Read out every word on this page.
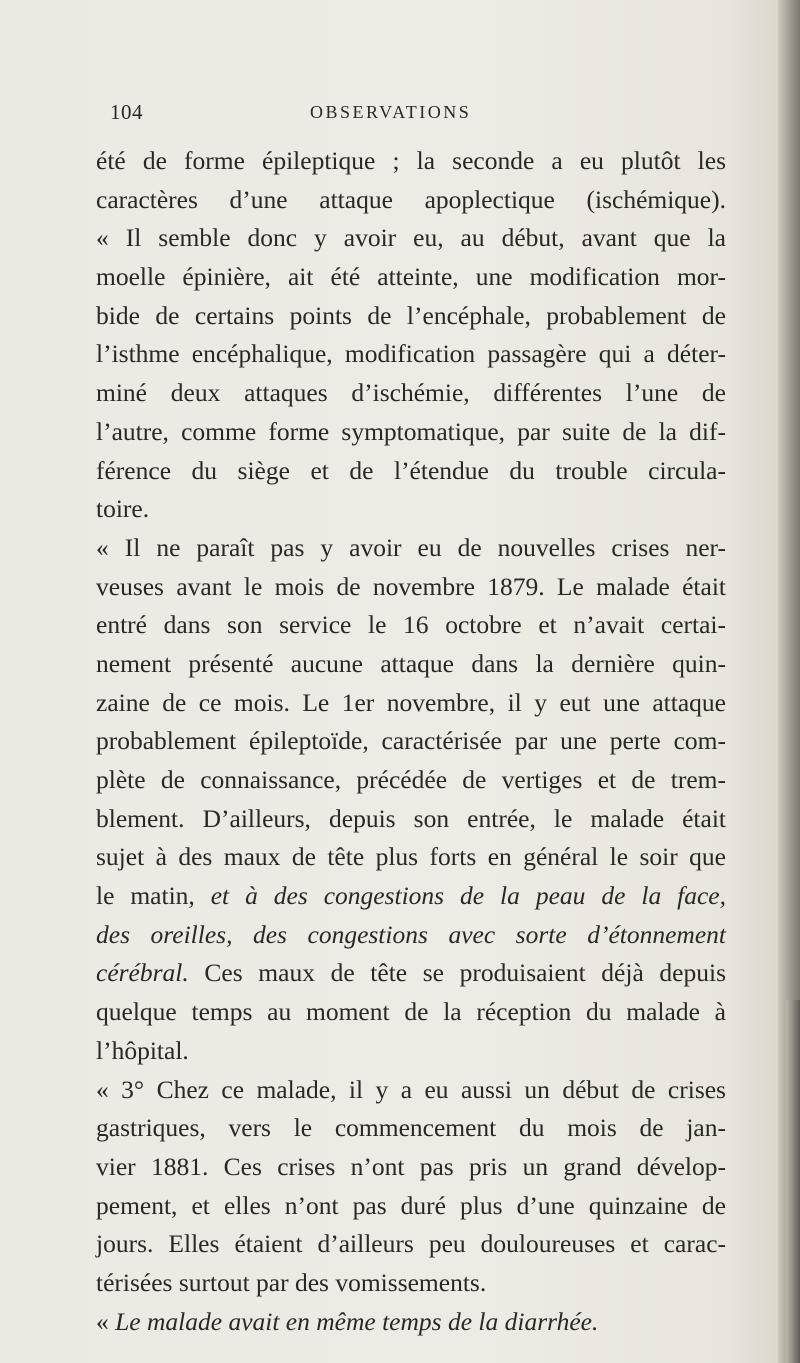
104	OBSERVATIONS
été de forme épileptique ; la seconde a eu plutôt les
caractères d’une attaque apoplectique (ischémique).
« Il semble donc y avoir eu, au début, avant que la
moelle épinière, ait été atteinte, une modification mor-
bide de certains points de l’encéphale, probablement de
l’isthme encéphalique, modification passagère qui a déter-
miné deux attaques d’ischémie, différentes l’une de
l’autre, comme forme symptomatique, par suite de la dif-
férence du siège et de l’étendue du trouble circula-
toire.
« Il ne paraît pas y avoir eu de nouvelles crises ner-
veuses avant le mois de novembre 1879. Le malade était
entré dans son service le 16 octobre et n’avait certai-
nement présenté aucune attaque dans la dernière quin-
zaine de ce mois. Le 1er novembre, il y eut une attaque
probablement épileptoïde, caractérisée par une perte com-
plète de connaissance, précédée de vertiges et de trem-
blement. D’ailleurs, depuis son entrée, le malade était
sujet à des maux de tête plus forts en général le soir que
le matin, et à des congestions de la peau de la face,
des oreilles, des congestions avec sorte d’étonnement
cérébral. Ces maux de tête se produisaient déjà depuis
quelque temps au moment de la réception du malade à
l’hôpital.
« 3° Chez ce malade, il y a eu aussi un début de crises
gastriques, vers le commencement du mois de jan-
vier 1881. Ces crises n’ont pas pris un grand dévelop-
pement, et elles n’ont pas duré plus d’une quinzaine de
jours. Elles étaient d’ailleurs peu douloureuses et carac-
térisées surtout par des vomissements.
« Le malade avait en même temps de la diarrhée.
